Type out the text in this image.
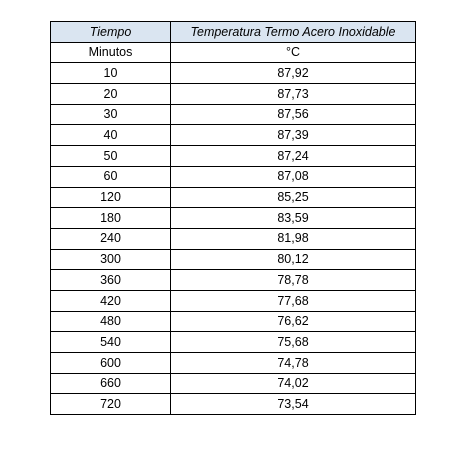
Tiempo	Temperatura Termo Acero Inoxidable
Minutos	°C
10	87,92
20	87,73
30	87,56
40	87,39
50	87,24
60	87,08
120	85,25
180	83,59
240	81,98
300	80,12
360	78,78
420	77,68
480	76,62
540	75,68
600	74,78
660	74,02
720	73,54
